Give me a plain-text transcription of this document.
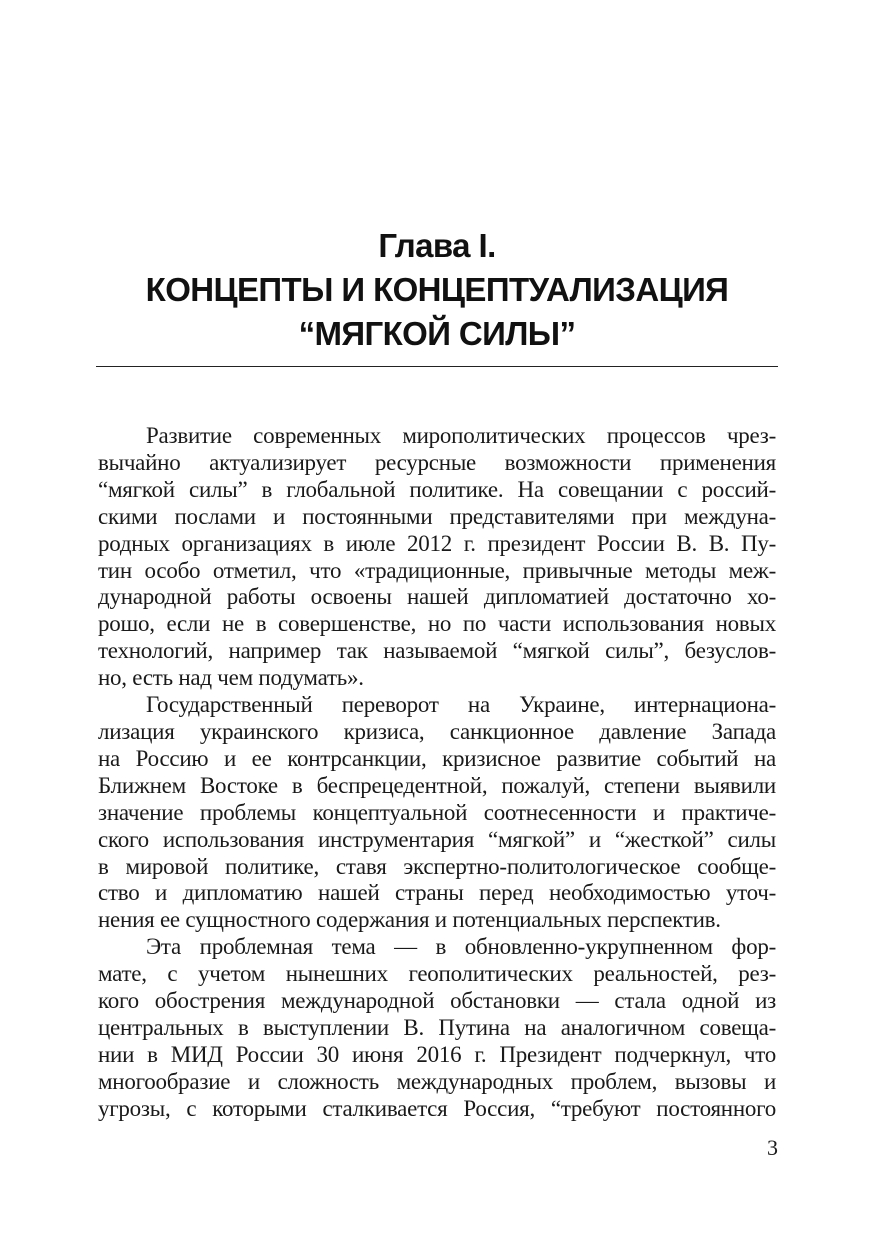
Глава I.
КОНЦЕПТЫ И КОНЦЕПТУАЛИЗАЦИЯ
“МЯГКОЙ СИЛЫ”
Развитие современных мирополитических процессов чрез-
вычайно актуализирует ресурсные возможности применения
“мягкой силы” в глобальной политике. На совещании с россий-
скими послами и постоянными представителями при междуна-
родных организациях в июле 2012 г. президент России В. В. Пу-
тин особо отметил, что «традиционные, привычные методы меж-
дународной работы освоены нашей дипломатией достаточно хо-
рошо, если не в совершенстве, но по части использования новых
технологий, например так называемой “мягкой силы”, безуслов-
но, есть над чем подумать».
Государственный переворот на Украине, интернациона-
лизация украинского кризиса, санкционное давление Запада
на Россию и ее контрсанкции, кризисное развитие событий на
Ближнем Востоке в беспрецедентной, пожалуй, степени выявили
значение проблемы концептуальной соотнесенности и практиче-
ского использования инструментария “мягкой” и “жесткой” силы
в мировой политике, ставя экспертно-политологическое сообще-
ство и дипломатию нашей страны перед необходимостью уточ-
нения ее сущностного содержания и потенциальных перспектив.
Эта проблемная тема — в обновленно-укрупненном фор-
мате, с учетом нынешних геополитических реальностей, рез-
кого обострения международной обстановки — стала одной из
центральных в выступлении В. Путина на аналогичном совеща-
нии в МИД России 30 июня 2016 г. Президент подчеркнул, что
многообразие и сложность международных проблем, вызовы и
угрозы, с которыми сталкивается Россия, “требуют постоянного
3
